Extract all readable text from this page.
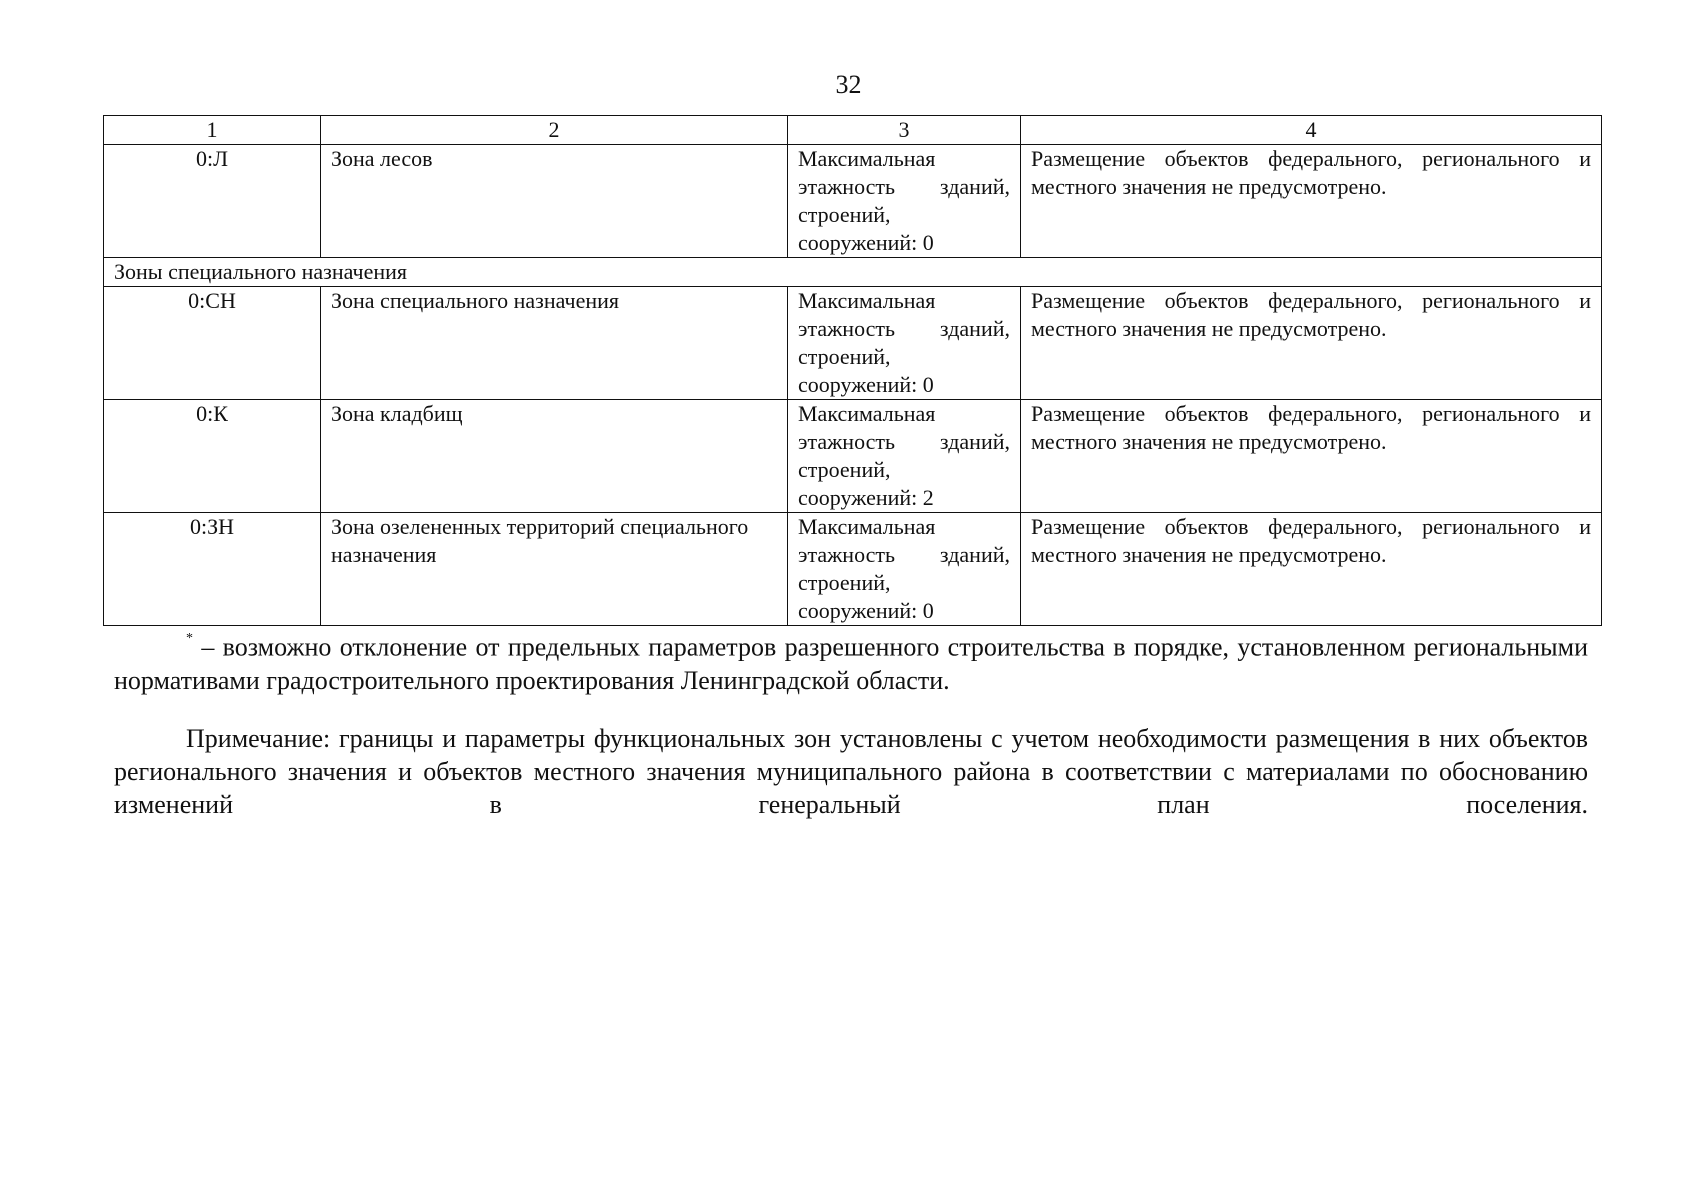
32
1	2	3	4
0:Л	Зона лесов	Максимальная этажность зданий, строений, сооружений: 0	Размещение объектов федерального, регионального и местного значения не предусмотрено.
Зоны специального назначения			
0:СН	Зона специального назначения	Максимальная этажность зданий, строений, сооружений: 0	Размещение объектов федерального, регионального и местного значения не предусмотрено.
0:К	Зона кладбищ	Максимальная этажность зданий, строений, сооружений: 2	Размещение объектов федерального, регионального и местного значения не предусмотрено.
0:ЗН	Зона озелененных территорий специального назначения	Максимальная этажность зданий, строений, сооружений: 0	Размещение объектов федерального, регионального и местного значения не предусмотрено.
* – возможно отклонение от предельных параметров разрешенного строительства в порядке, установленном региональными нормативами градостроительного проектирования Ленинградской области.
Примечание: границы и параметры функциональных зон установлены с учетом необходимости размещения в них объектов регионального значения и объектов местного значения муниципального района в соответствии с материалами по обоснованию изменений в генеральный план поселения.
